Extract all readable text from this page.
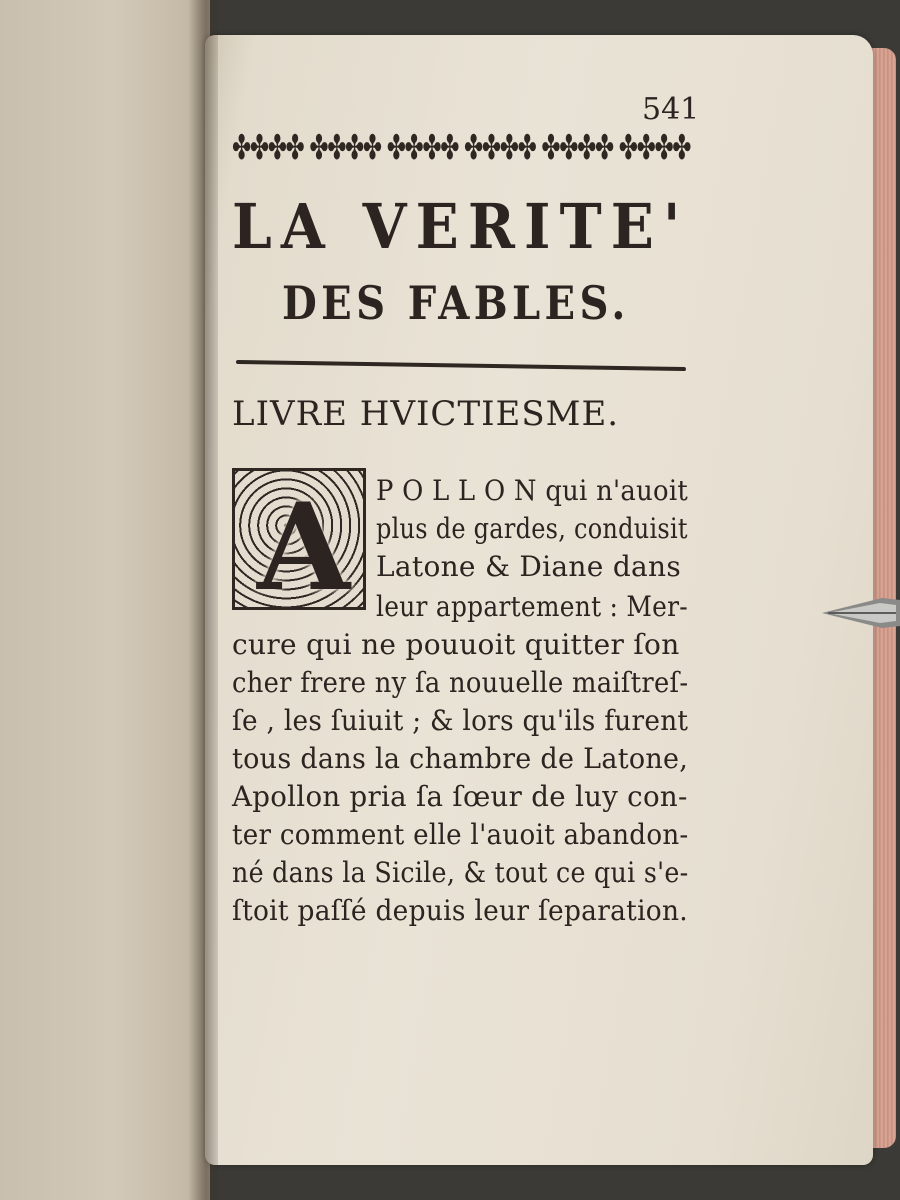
541
✤✤✤✤ ✤✤✤✤ ✤✤✤✤ ✤✤✤✤ ✤✤✤✤ ✤✤✤✤
LA VERITE'
DES FABLES.
LIVRE HVICTIESME.
A P O L L O N qui n'auoit
plus de gardes, conduisit
Latone & Diane dans
leur appartement : Mer-
cure qui ne pouuoit quitter ſon
cher frere ny ſa nouuelle maiſtreſ-
ſe , les ſuiuit ; & lors qu'ils furent
tous dans la chambre de Latone,
Apollon pria ſa ſœur de luy con-
ter comment elle l'auoit abandon-
né dans la Sicile, & tout ce qui s'e-
ſtoit paſſé depuis leur ſeparation.
